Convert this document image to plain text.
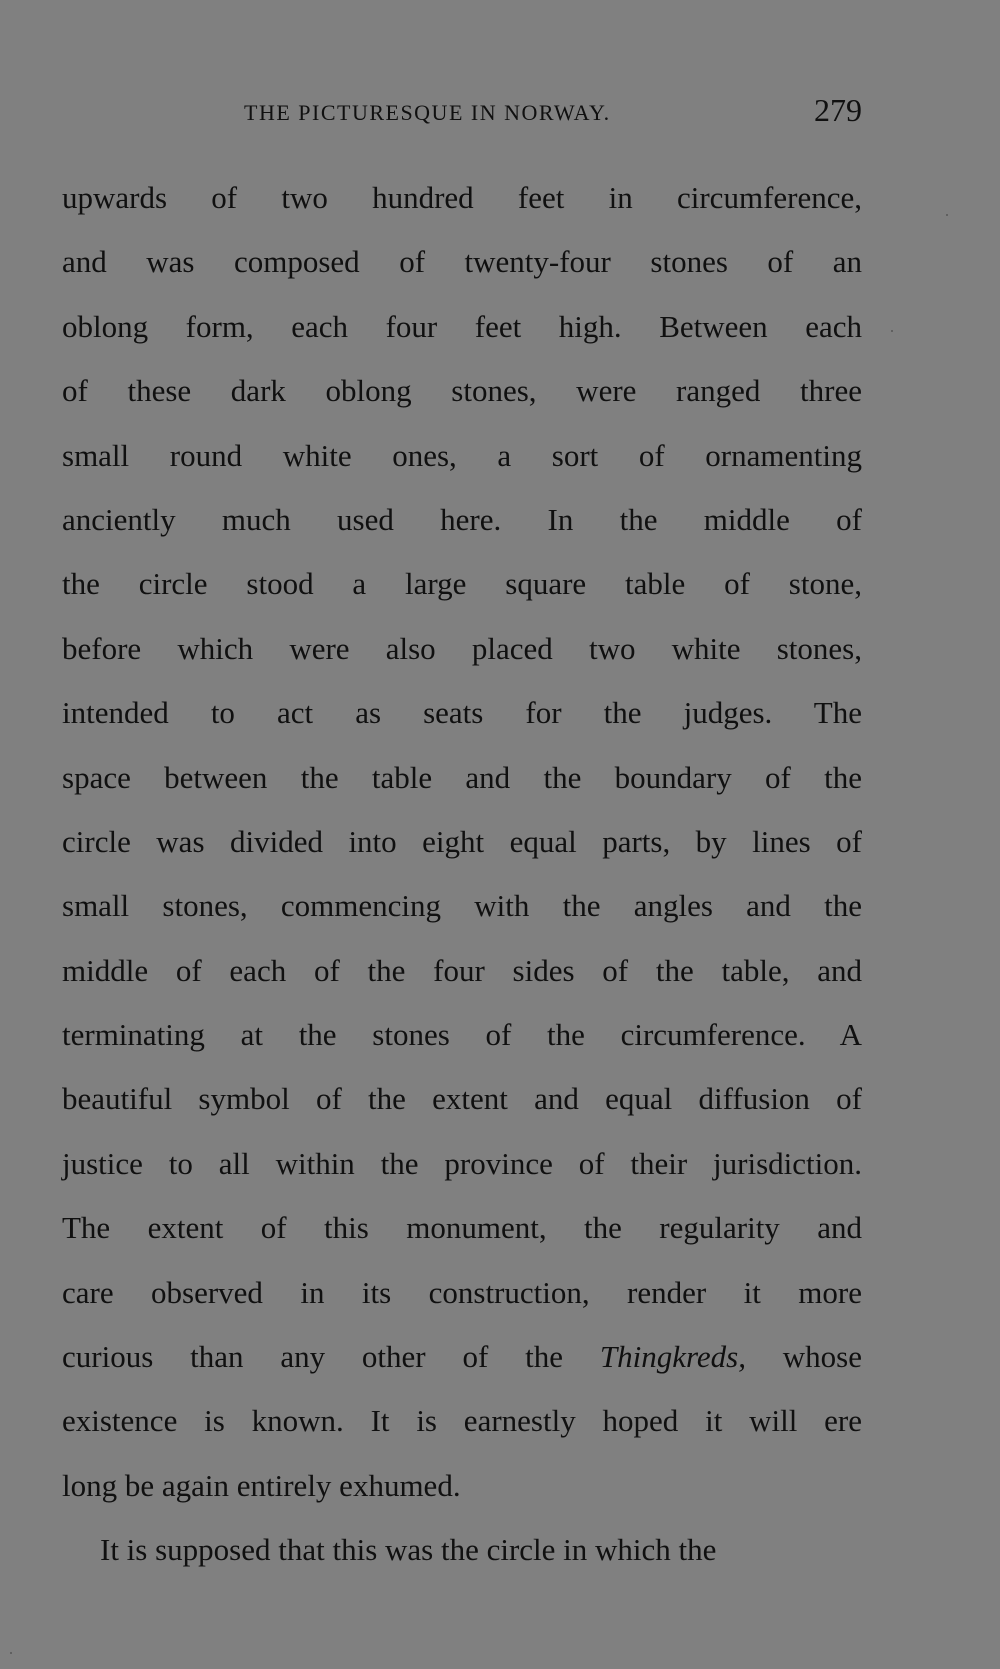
THE PICTURESQUE IN NORWAY.	279
upwards of two hundred feet in circumference,
and was composed of twenty-four stones of an
oblong form, each four feet high. Between each
of these dark oblong stones, were ranged three
small round white ones, a sort of ornamenting
anciently much used here. In the middle of
the circle stood a large square table of stone,
before which were also placed two white stones,
intended to act as seats for the judges. The
space between the table and the boundary of the
circle was divided into eight equal parts, by lines of
small stones, commencing with the angles and the
middle of each of the four sides of the table, and
terminating at the stones of the circumference. A
beautiful symbol of the extent and equal diffusion of
justice to all within the province of their jurisdiction.
The extent of this monument, the regularity and
care observed in its construction, render it more
curious than any other of the Thingkreds, whose
existence is known. It is earnestly hoped it will ere
long be again entirely exhumed.
It is supposed that this was the circle in which the
